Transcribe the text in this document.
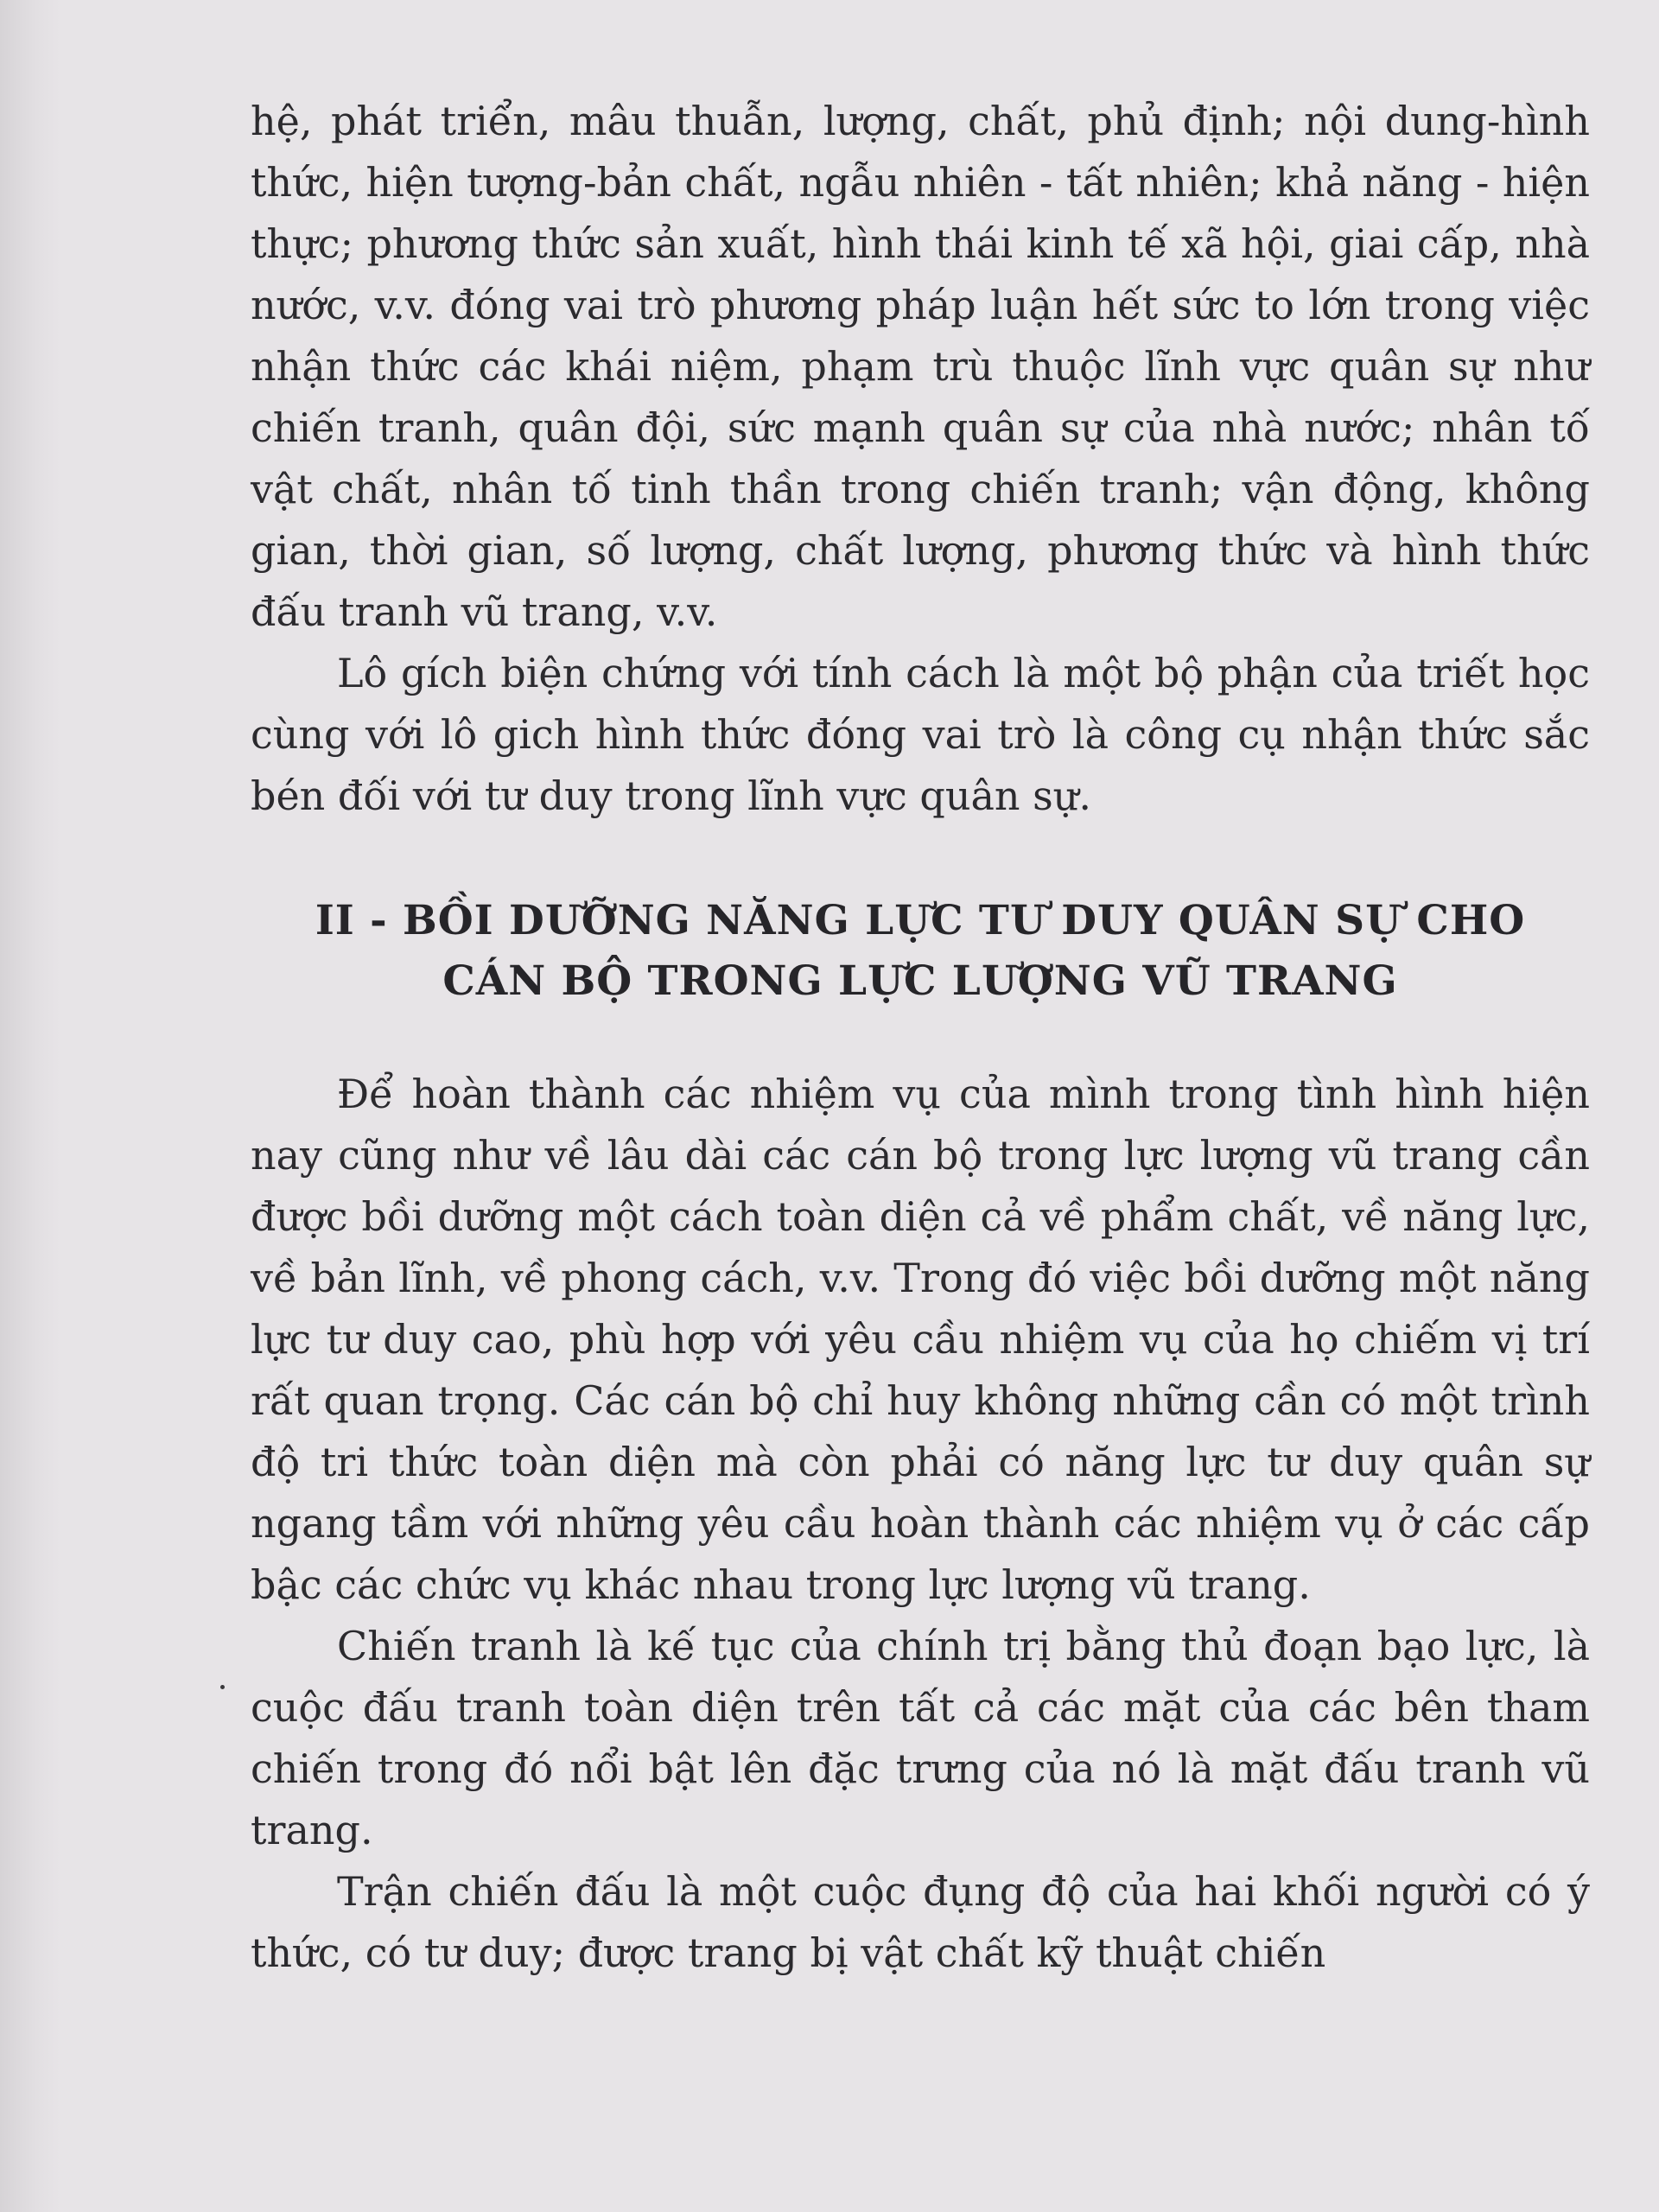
hệ, phát triển, mâu thuẫn, lượng, chất, phủ định; nội dung-hình thức, hiện tượng-bản chất, ngẫu nhiên - tất nhiên; khả năng - hiện thực; phương thức sản xuất, hình thái kinh tế xã hội, giai cấp, nhà nước, v.v. đóng vai trò phương pháp luận hết sức to lớn trong việc nhận thức các khái niệm, phạm trù thuộc lĩnh vực quân sự như chiến tranh, quân đội, sức mạnh quân sự của nhà nước; nhân tố vật chất, nhân tố tinh thần trong chiến tranh; vận động, không gian, thời gian, số lượng, chất lượng, phương thức và hình thức đấu tranh vũ trang, v.v.

Lô gích biện chứng với tính cách là một bộ phận của triết học cùng với lô gich hình thức đóng vai trò là công cụ nhận thức sắc bén đối với tư duy trong lĩnh vực quân sự.

II - BỒI DƯỠNG NĂNG LỰC TƯ DUY QUÂN SỰ CHO
CÁN BỘ TRONG LỰC LƯỢNG VŨ TRANG

Để hoàn thành các nhiệm vụ của mình trong tình hình hiện nay cũng như về lâu dài các cán bộ trong lực lượng vũ trang cần được bồi dưỡng một cách toàn diện cả về phẩm chất, về năng lực, về bản lĩnh, về phong cách, v.v. Trong đó việc bồi dưỡng một năng lực tư duy cao, phù hợp với yêu cầu nhiệm vụ của họ chiếm vị trí rất quan trọng. Các cán bộ chỉ huy không những cần có một trình độ tri thức toàn diện mà còn phải có năng lực tư duy quân sự ngang tầm với những yêu cầu hoàn thành các nhiệm vụ ở các cấp bậc các chức vụ khác nhau trong lực lượng vũ trang.

Chiến tranh là kế tục của chính trị bằng thủ đoạn bạo lực, là cuộc đấu tranh toàn diện trên tất cả các mặt của các bên tham chiến trong đó nổi bật lên đặc trưng của nó là mặt đấu tranh vũ trang.

Trận chiến đấu là một cuộc đụng độ của hai khối người có ý thức, có tư duy; được trang bị vật chất kỹ thuật chiến
